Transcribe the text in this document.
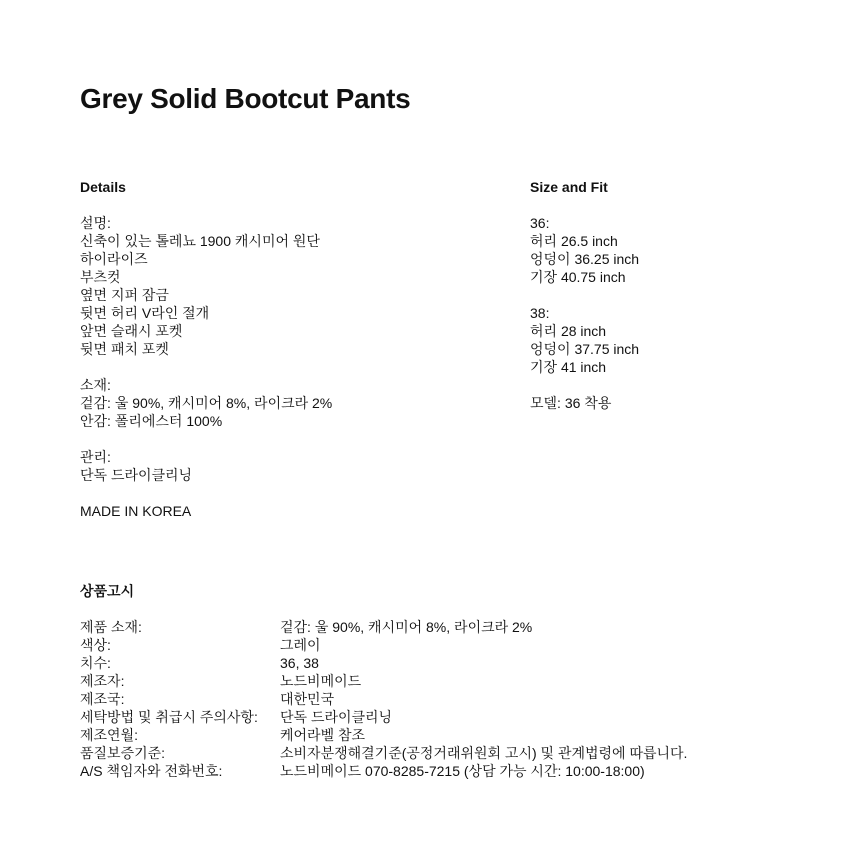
Grey Solid Bootcut Pants
Details
설명:
신축이 있는 톨레뇨 1900 캐시미어 원단
하이라이즈
부츠컷
옆면 지퍼 잠금
뒷면 허리 V라인 절개
앞면 슬래시 포켓
뒷면 패치 포켓
소재:
겉감: 울 90%, 캐시미어 8%, 라이크라 2%
안감: 폴리에스터 100%
관리:
단독 드라이클리닝
MADE IN KOREA
Size and Fit
36:
허리 26.5 inch
엉덩이 36.25 inch
기장 40.75 inch
38:
허리 28 inch
엉덩이 37.75 inch
기장 41 inch
모델: 36 착용
상품고시
제품 소재:	겉감: 울 90%, 캐시미어 8%, 라이크라 2%
색상:	그레이
치수:	36, 38
제조자:	노드비메이드
제조국:	대한민국
세탁방법 및 취급시 주의사항:	단독 드라이클리닝
제조연월:	케어라벨 참조
품질보증기준:	소비자분쟁해결기준(공정거래위원회 고시) 및 관계법령에 따릅니다.
A/S 책임자와 전화번호:	노드비메이드 070-8285-7215 (상담 가능 시간: 10:00-18:00)
